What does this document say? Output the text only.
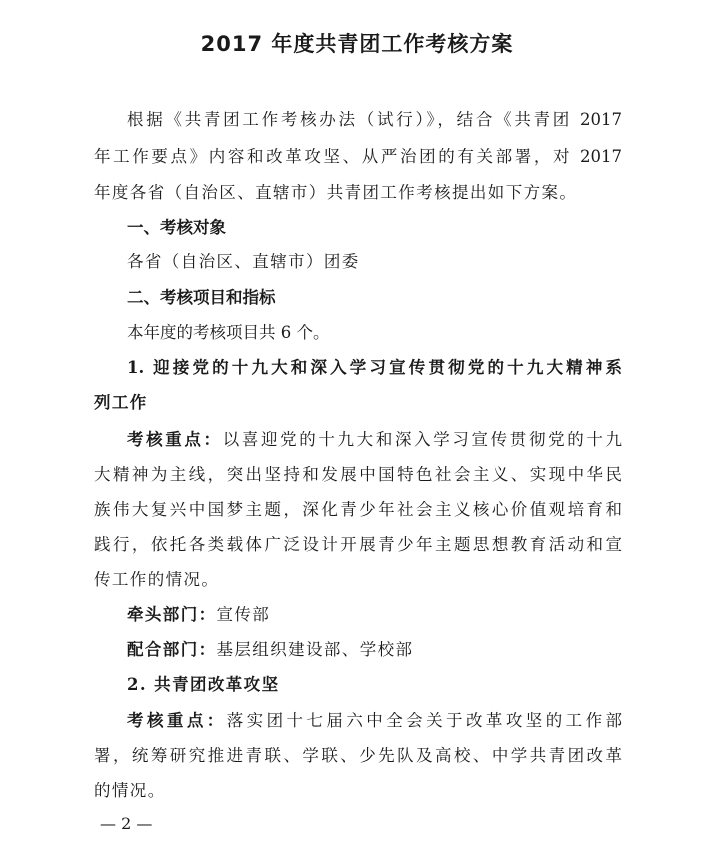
2017 年度共青团工作考核方案
根据《共青团工作考核办法（试行）》，结合《共青团 2017
年工作要点》内容和改革攻坚、从严治团的有关部署，对 2017
年度各省（自治区、直辖市）共青团工作考核提出如下方案。
一、考核对象
各省（自治区、直辖市）团委
二、考核项目和指标
本年度的考核项目共 6 个。
1. 迎接党的十九大和深入学习宣传贯彻党的十九大精神系
列工作
考核重点：以喜迎党的十九大和深入学习宣传贯彻党的十九
大精神为主线，突出坚持和发展中国特色社会主义、实现中华民
族伟大复兴中国梦主题，深化青少年社会主义核心价值观培育和
践行，依托各类载体广泛设计开展青少年主题思想教育活动和宣
传工作的情况。
牵头部门：宣传部
配合部门：基层组织建设部、学校部
2. 共青团改革攻坚
考核重点：落实团十七届六中全会关于改革攻坚的工作部
署，统筹研究推进青联、学联、少先队及高校、中学共青团改革
的情况。
— 2 —
